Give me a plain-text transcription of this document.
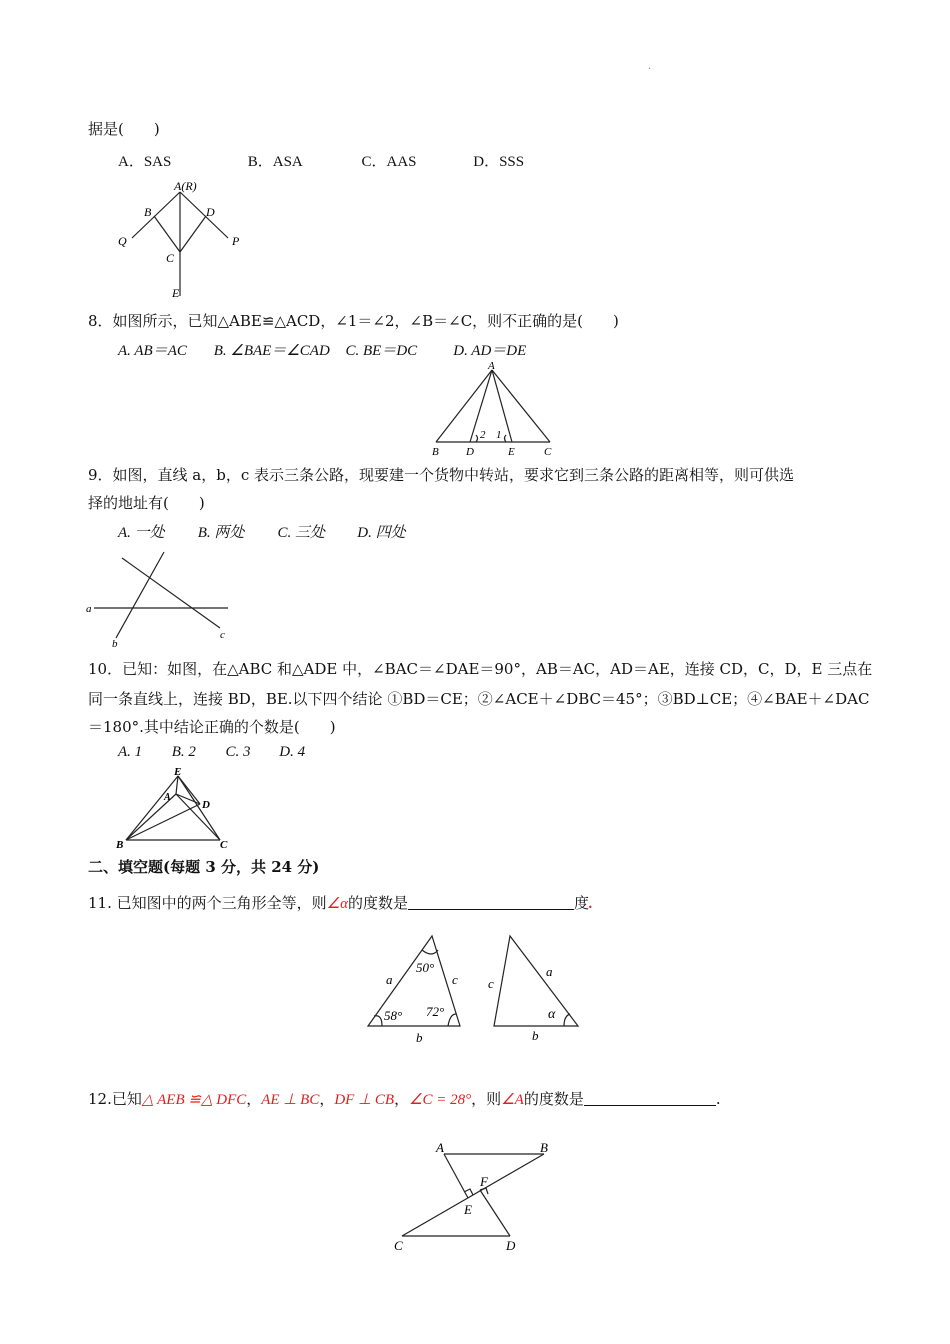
·
据是(　　)
A．SAS	B．ASA	C．AAS	D．SSS
A(R)
B	D
Q	P
C
E
8．如图所示，已知△ABE≌△ACD，∠1＝∠2，∠B＝∠C，则不正确的是(　　)
A. AB＝AC B. ∠BAE＝∠CAD C. BE＝DC D. AD＝DE
A
B D	E	C
2 1
9．如图，直线 a，b，c 表示三条公路，现要建一个货物中转站，要求它到三条公路的距离相等，则可供选
择的地址有(　　)
A. 一处 B. 两处 C. 三处 D. 四处
a
b
c
10．已知：如图，在△ABC 和△ADE 中，∠BAC＝∠DAE＝90°，AB＝AC，AD＝AE，连接 CD，C，D，E 三点在
同一条直线上，连接 BD，BE.以下四个结论 ①BD＝CE；②∠ACE＋∠DBC＝45°；③BD⊥CE；④∠BAE＋∠DAC
＝180°.其中结论正确的个数是(　　)
A. 1 B. 2 C. 3 D. 4
E
A
D
B	C
二、填空题(每题 3 分，共 24 分)
11. 已知图中的两个三角形全等，则∠α的度数是	度.
a	c
b
50°
58° 72°
c
a
b
α
12.已知△ AEB ≌△ DFC，AE ⊥ BC，DF ⊥ CB，∠C = 28°，则∠A的度数是	.
A	B
F
E
C	D
